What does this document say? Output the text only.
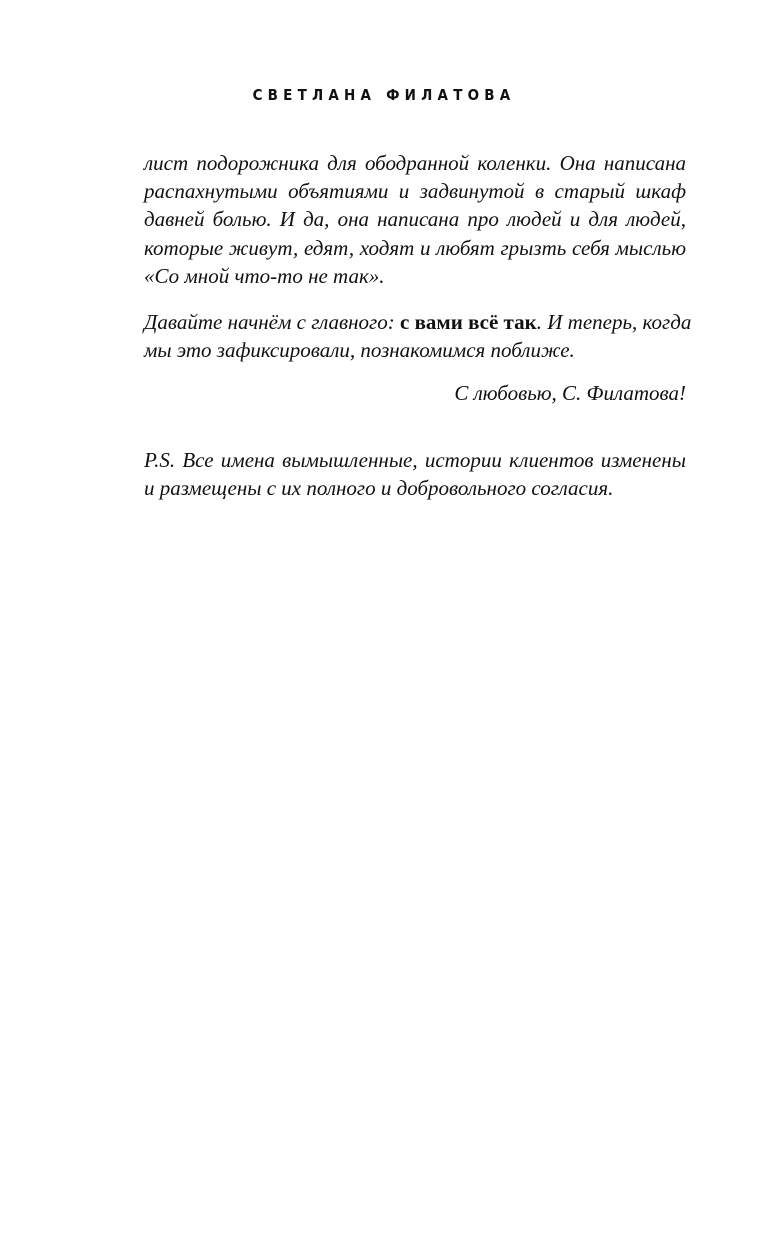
СВЕТЛАНА ФИЛАТОВА
лист подорожника для ободранной коленки. Она написана
распахнутыми объятиями и задвинутой в старый шкаф
давней болью. И да, она написана про людей и для людей,
которые живут, едят, ходят и любят грызть себя мыслью
«Со мной что-то не так».
Давайте начнём с главного: с вами всё так. И теперь, когда
мы это зафиксировали, познакомимся поближе.
С любовью, С. Филатова!
P.S. Все имена вымышленные, истории клиентов изменены
и размещены с их полного и добровольного согласия.
